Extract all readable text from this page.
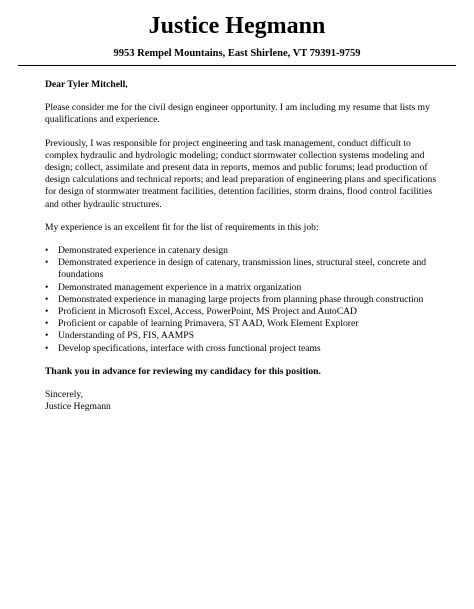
Justice Hegmann
9953 Rempel Mountains, East Shirlene, VT 79391-9759

Dear Tyler Mitchell,

Please consider me for the civil design engineer opportunity. I am including my resume that lists my qualifications and experience.

Previously, I was responsible for project engineering and task management, conduct difficult to complex hydraulic and hydrologic modeling; conduct stormwater collection systems modeling and design; collect, assimilate and present data in reports, memos and public forums; lead production of design calculations and technical reports; and lead preparation of engineering plans and specifications for design of stormwater treatment facilities, detention facilities, storm drains, flood control facilities and other hydraulic structures.

My experience is an excellent fit for the list of requirements in this job:

• Demonstrated experience in catenary design
• Demonstrated experience in design of catenary, transmission lines, structural steel, concrete and foundations
• Demonstrated management experience in a matrix organization
• Demonstrated experience in managing large projects from planning phase through construction
• Proficient in Microsoft Excel, Access, PowerPoint, MS Project and AutoCAD
• Proficient or capable of learning Primavera, ST AAD, Work Element Explorer
• Understanding of PS, FIS, AAMPS
• Develop specifications, interface with cross functional project teams

Thank you in advance for reviewing my candidacy for this position.

Sincerely,
Justice Hegmann
